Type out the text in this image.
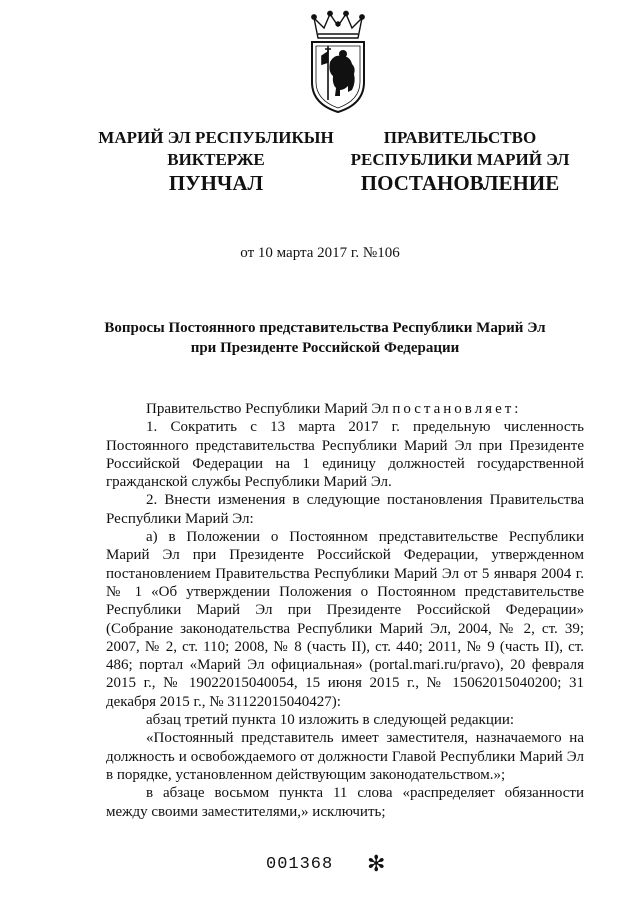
МАРИЙ ЭЛ РЕСПУБЛИКЫН
ВИКТЕРЖЕ
ПУНЧАЛ
ПРАВИТЕЛЬСТВО
РЕСПУБЛИКИ МАРИЙ ЭЛ
ПОСТАНОВЛЕНИЕ
от 10 марта 2017 г. №106
Вопросы Постоянного представительства Республики Марий Эл
при Президенте Российской Федерации

Правительство Республики Марий Эл постановляет:

1. Сократить с 13 марта 2017 г. предельную численность Постоянного представительства Республики Марий Эл при Президенте Российской Федерации на 1 единицу должностей государственной гражданской службы Республики Марий Эл.

2. Внести изменения в следующие постановления Правительства Республики Марий Эл:

а) в Положении о Постоянном представительстве Республики Марий Эл при Президенте Российской Федерации, утвержденном постановлением Правительства Республики Марий Эл от 5 января 2004 г. № 1 «Об утверждении Положения о Постоянном представительстве Республики Марий Эл при Президенте Российской Федерации» (Собрание законодательства Республики Марий Эл, 2004, № 2, ст. 39; 2007, № 2, ст. 110; 2008, № 8 (часть II), ст. 440; 2011, № 9 (часть II), ст. 486; портал «Марий Эл официальная» (portal.mari.ru/pravo), 20 февраля 2015 г., № 19022015040054, 15 июня 2015 г., № 15062015040200; 31 декабря 2015 г., № 31122015040427):

абзац третий пункта 10 изложить в следующей редакции:

«Постоянный представитель имеет заместителя, назначаемого на должность и освобождаемого от должности Главой Республики Марий Эл в порядке, установленном действующим законодательством.»;

в абзаце восьмом пункта 11 слова «распределяет обязанности между своими заместителями,» исключить;

001368 ✻
